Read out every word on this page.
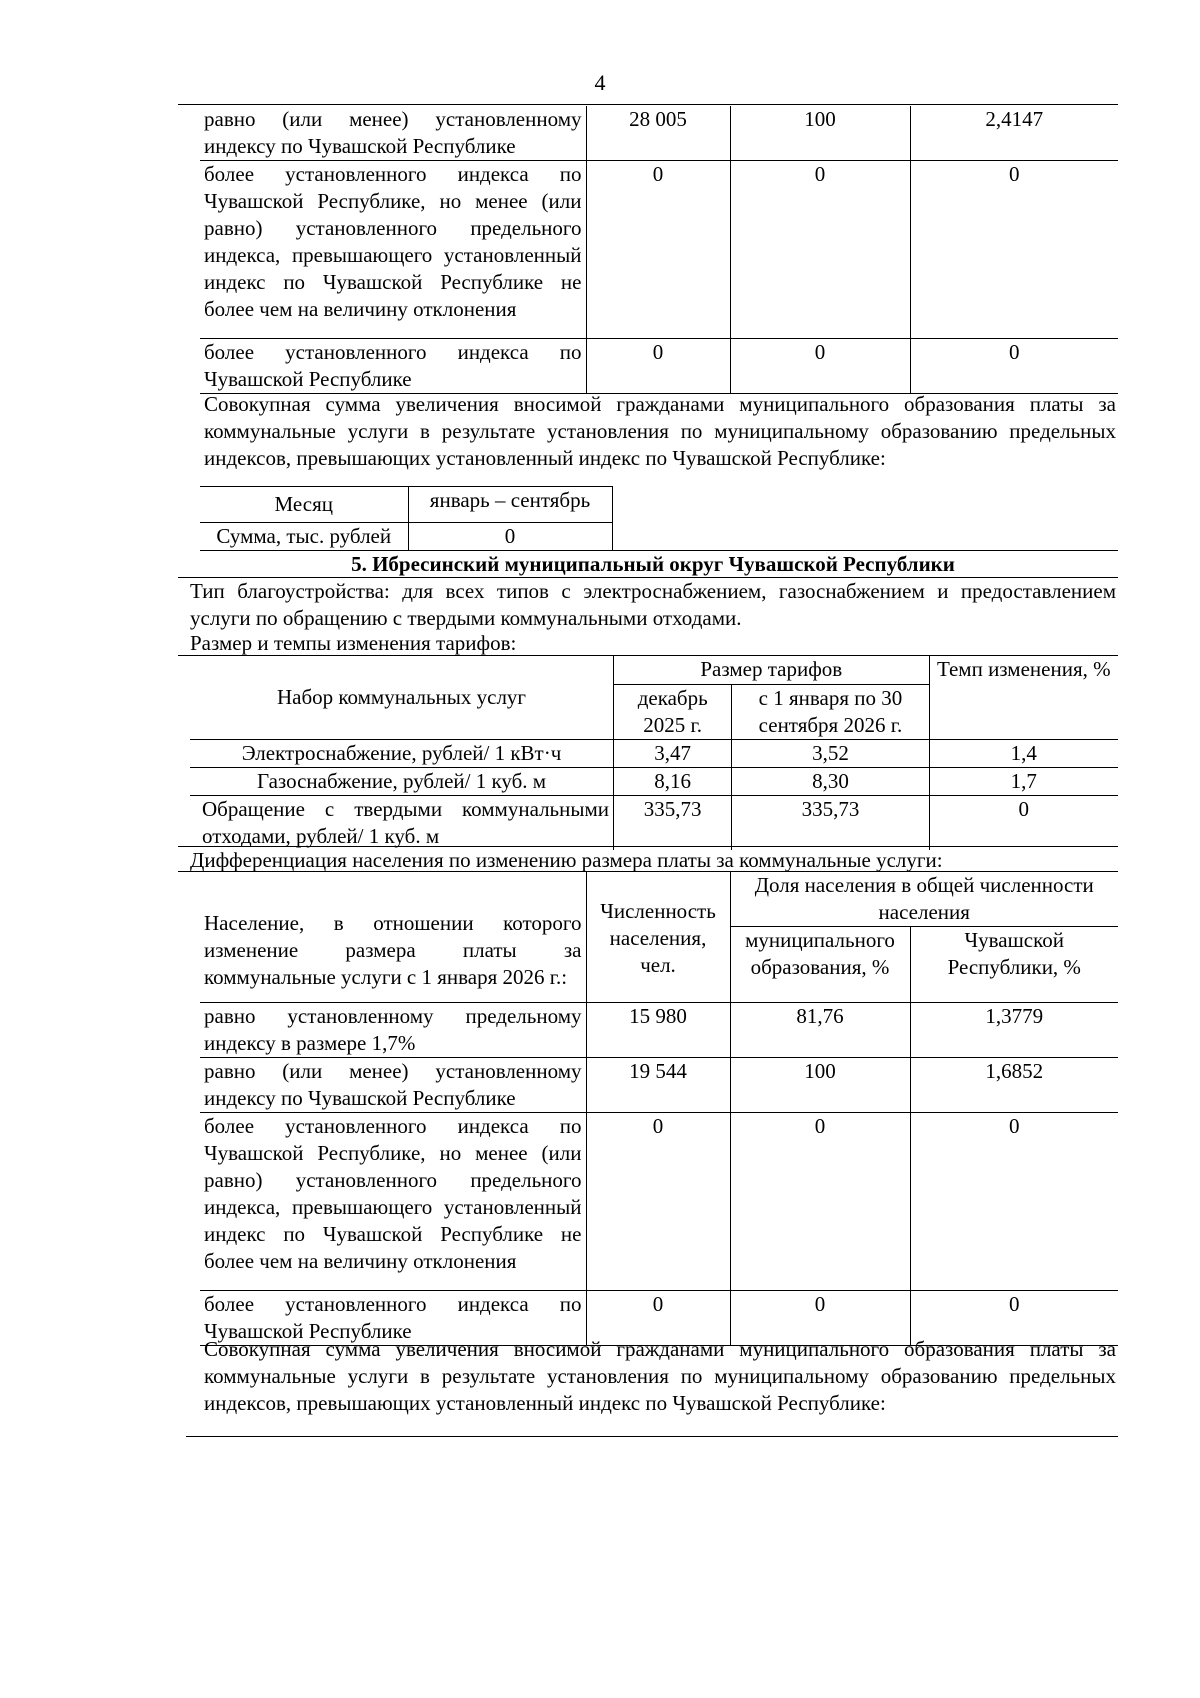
4
равно (или менее) установленному индексу по Чувашской Республике	28 005	100	2,4147
более установленного индекса по Чувашской Республике, но менее (или равно) установленного предельного индекса, превышающего установленный индекс по Чувашской Республике не более чем на величину отклонения	0	0	0
более установленного индекса по Чувашской Республике	0	0	0
Совокупная сумма увеличения вносимой гражданами муниципального образования платы за коммунальные услуги в результате установления по муниципальному образованию предельных индексов, превышающих установленный индекс по Чувашской Республике:
Месяц	январь – сентябрь
Сумма, тыс. рублей	0
5. Ибресинский муниципальный округ Чувашской Республики
Тип благоустройства: для всех типов с электроснабжением, газоснабжением и предоставлением услуги по обращению с твердыми коммунальными отходами.
Размер и темпы изменения тарифов:
Набор коммунальных услуг	Размер тарифов		Темп изменения, %
	декабрь 2025 г.	с 1 января по 30 сентября 2026 г.	
Электроснабжение, рублей/ 1 кВт·ч	3,47	3,52	1,4
Газоснабжение, рублей/ 1 куб. м	8,16	8,30	1,7
Обращение с твердыми коммунальными отходами, рублей/ 1 куб. м	335,73	335,73	0
Дифференциация населения по изменению размера платы за коммунальные услуги:
Население, в отношении которого изменение размера платы за коммунальные услуги с 1 января 2026 г.:	Численность населения, чел.	Доля населения в общей численности населения	
		муниципального образования, %	Чувашской Республики, %
равно установленному предельному индексу в размере 1,7%	15 980	81,76	1,3779
равно (или менее) установленному индексу по Чувашской Республике	19 544	100	1,6852
более установленного индекса по Чувашской Республике, но менее (или равно) установленного предельного индекса, превышающего установленный индекс по Чувашской Республике не более чем на величину отклонения	0	0	0
более установленного индекса по Чувашской Республике	0	0	0
Совокупная сумма увеличения вносимой гражданами муниципального образования платы за коммунальные услуги в результате установления по муниципальному образованию предельных индексов, превышающих установленный индекс по Чувашской Республике:
